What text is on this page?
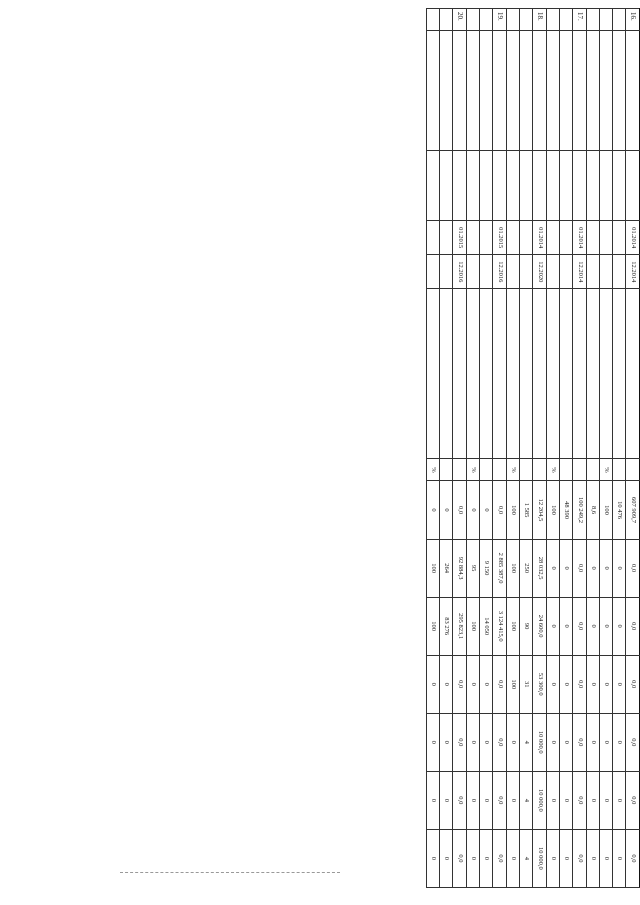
16.			01.2014	12.2014			607 909,7	0,0	0,0	0,0	0,0	0,0	0,0
							10 476	0	0	0	0	0	0
						%	100	0	0	0	0	0	0
							8,6	0	0	0	0	0	0
17.			01.2014	12.2014			100 249,2	0,0	0,0	0,0	0,0	0,0	0,0
							48 390	0	0	0	0	0	0
						%	100	0	0	0	0	0	0
18.			01.2014	12.2020			12 204,5	28 032,5	24 600,0	53 300,0	10 000,0	10 000,0	10 000,0
							1 585	250	90	31	4	4	4
						%	100	100	100	100	0	0	0
19.			01.2015	12.2016			0,0	2 885 387,0	3 124 415,0	0,0	0,0	0,0	0,0
							0	9 150	14 050	0	0	0	0
						%	0	95	100	0	0	0	0
20.			01.2015	12.2016			0,0	92 884,3	295 823,1	0,0	0,0	0,0	0,0
							0	264	83 276	0	0	0	0
						%	0	100	100	0	0	0	0
